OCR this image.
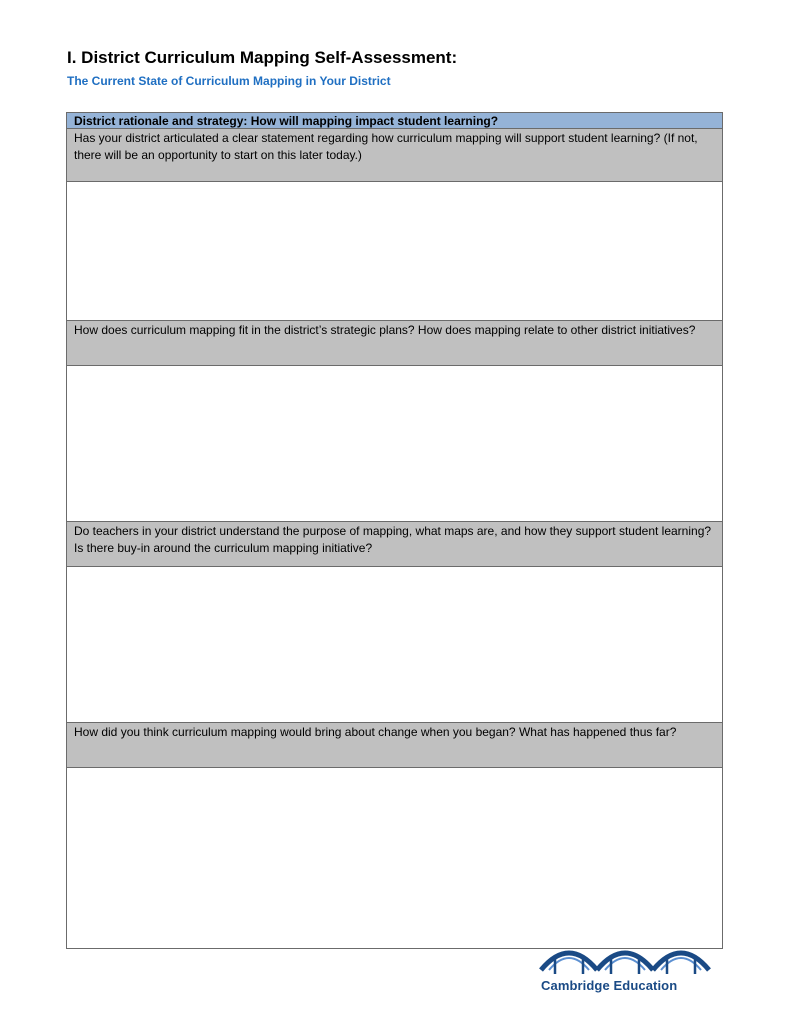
I. District Curriculum Mapping Self-Assessment:

The Current State of Curriculum Mapping in Your District

District rationale and strategy: How will mapping impact student learning?
Has your district articulated a clear statement regarding how curriculum mapping will support student learning? (If not, there will be an opportunity to start on this later today.)
How does curriculum mapping fit in the district’s strategic plans? How does mapping relate to other district initiatives?
Do teachers in your district understand the purpose of mapping, what maps are, and how they support student learning? Is there buy-in around the curriculum mapping initiative?
How did you think curriculum mapping would bring about change when you began? What has happened thus far?
Cambridge Education
